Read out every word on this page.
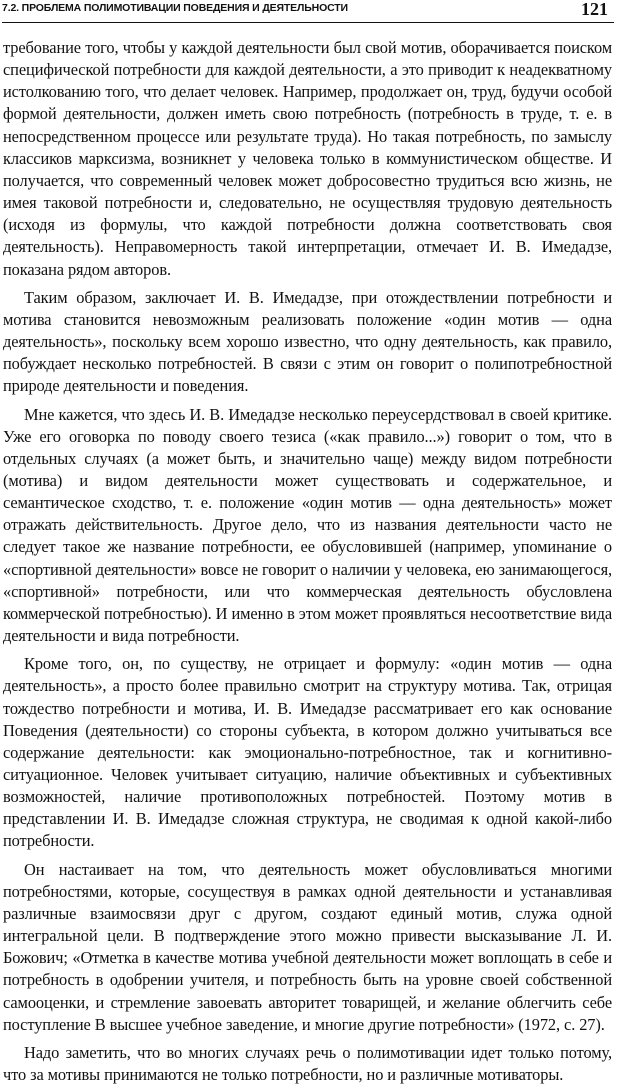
7.2. ПРОБЛЕМА ПОЛИМОТИВАЦИИ ПОВЕДЕНИЯ И ДЕЯТЕЛЬНОСТИ	121

требование того, чтобы у каждой деятельности был свой мотив, оборачивается поиском специфической потребности для каждой деятельности, а это приводит к неадекватному истолкованию того, что делает человек. Например, продолжает он, труд, будучи особой формой деятельности, должен иметь свою потребность (потребность в труде, т. е. в непосредственном процессе или результате труда). Но такая потребность, по замыслу классиков марксизма, возникнет у человека только в коммунистическом обществе. И получается, что современный человек может добросовестно трудиться всю жизнь, не имея таковой потребности и, следовательно, не осуществляя трудовую деятельность (исходя из формулы, что каждой потребности должна соответствовать своя деятельность). Неправомерность такой интерпретации, отмечает И. В. Имедадзе, показана рядом авторов.

Таким образом, заключает И. В. Имедадзе, при отождествлении потребности и мотива становится невозможным реализовать положение «один мотив — одна деятельность», поскольку всем хорошо известно, что одну деятельность, как правило, побуждает несколько потребностей. В связи с этим он говорит о полипотребностной природе деятельности и поведения.

Мне кажется, что здесь И. В. Имедадзе несколько переусердствовал в своей критике. Уже его оговорка по поводу своего тезиса («как правило...») говорит о том, что в отдельных случаях (а может быть, и значительно чаще) между видом потребности (мотива) и видом деятельности может существовать и содержательное, и семантическое сходство, т. е. положение «один мотив — одна деятельность» может отражать действительность. Другое дело, что из названия деятельности часто не следует такое же название потребности, ее обусловившей (например, упоминание о «спортивной деятельности» вовсе не говорит о наличии у человека, ею занимающегося, «спортивной» потребности, или что коммерческая деятельность обусловлена коммерческой потребностью). И именно в этом может проявляться несоответствие вида деятельности и вида потребности.

Кроме того, он, по существу, не отрицает и формулу: «один мотив — одна деятельность», а просто более правильно смотрит на структуру мотива. Так, отрицая тождество потребности и мотива, И. В. Имедадзе рассматривает его как основание Поведения (деятельности) со стороны субъекта, в котором должно учитываться все содержание деятельности: как эмоционально-потребностное, так и когнитивно-ситуационное. Человек учитывает ситуацию, наличие объективных и субъективных возможностей, наличие противоположных потребностей. Поэтому мотив в представлении И. В. Имедадзе сложная структура, не сводимая к одной какой-либо потребности.

Он настаивает на том, что деятельность может обусловливаться многими потребностями, которые, сосуществуя в рамках одной деятельности и устанавливая различные взаимосвязи друг с другом, создают единый мотив, служа одной интегральной цели. В подтверждение этого можно привести высказывание Л. И. Божович; «Отметка в качестве мотива учебной деятельности может воплощать в себе и потребность в одобрении учителя, и потребность быть на уровне своей собственной самооценки, и стремление завоевать авторитет товарищей, и желание облегчить себе поступление В высшее учебное заведение, и многие другие потребности» (1972, с. 27).

Надо заметить, что во многих случаях речь о полимотивации идет только потому, что за мотивы принимаются не только потребности, но и различные мотиваторы.
